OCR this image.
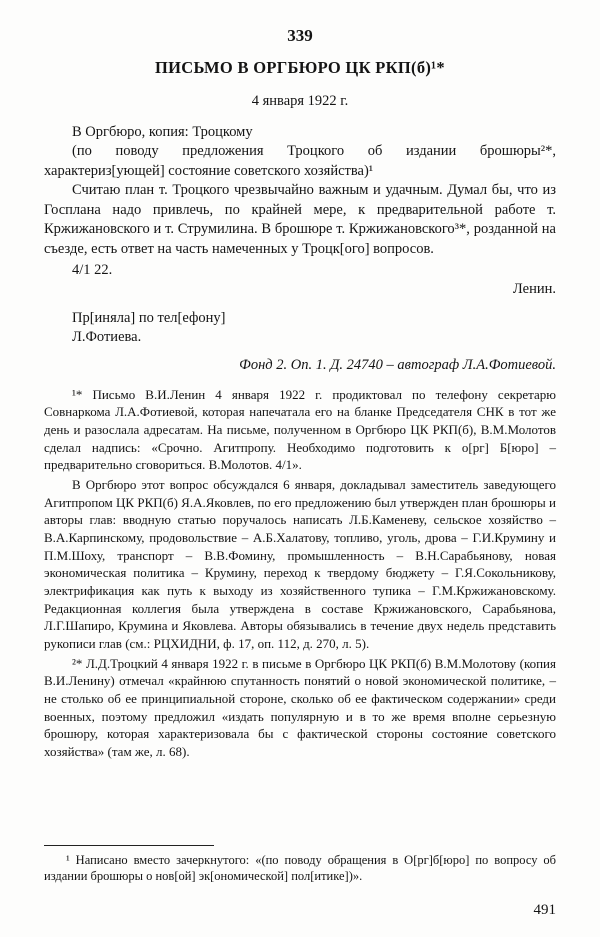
339
ПИСЬМО В ОРГБЮРО ЦК РКП(б)¹*
4 января 1922 г.

В Оргбюро, копия: Троцкому

(по поводу предложения Троцкого об издании брошюры²*, характериз[ующей] состояние советского хозяйства)¹

Считаю план т. Троцкого чрезвычайно важным и удачным. Думал бы, что из Госплана надо привлечь, по крайней мере, к предварительной работе т. Кржижановского и т. Струмилина. В брошюре т. Кржижановского³*, розданной на съезде, есть ответ на часть намеченных у Троцк[ого] вопросов.

4/1 22.

Ленин.

Пр[иняла] по тел[ефону]

Л.Фотиева.

Фонд 2. Оп. 1. Д. 24740 – автограф Л.А.Фотиевой.

¹* Письмо В.И.Ленин 4 января 1922 г. продиктовал по телефону секретарю Совнаркома Л.А.Фотиевой, которая напечатала его на бланке Председателя СНК в тот же день и разослала адресатам. На письме, полученном в Оргбюро ЦК РКП(б), В.М.Молотов сделал надпись: «Срочно. Агитпропу. Необходимо подготовить к о[рг] Б[юро] – предварительно сговориться. В.Молотов. 4/1».

В Оргбюро этот вопрос обсуждался 6 января, докладывал заместитель заведующего Агитпропом ЦК РКП(б) Я.А.Яковлев, по его предложению был утвержден план брошюры и авторы глав: вводную статью поручалось написать Л.Б.Каменеву, сельское хозяйство – В.А.Карпинскому, продовольствие – А.Б.Халатову, топливо, уголь, дрова – Г.И.Крумину и П.М.Шоху, транспорт – В.В.Фомину, промышленность – В.Н.Сарабьянову, новая экономическая политика – Крумину, переход к твердому бюджету – Г.Я.Сокольникову, электрификация как путь к выходу из хозяйственного тупика – Г.М.Кржижановскому. Редакционная коллегия была утверждена в составе Кржижановского, Сарабьянова, Л.Г.Шапиро, Крумина и Яковлева. Авторы обязывались в течение двух недель представить рукописи глав (см.: РЦХИДНИ, ф. 17, оп. 112, д. 270, л. 5).

²* Л.Д.Троцкий 4 января 1922 г. в письме в Оргбюро ЦК РКП(б) В.М.Молотову (копия В.И.Ленину) отмечал «крайнюю спутанность понятий о новой экономической политике, – не столько об ее принципиальной стороне, сколько об ее фактическом содержании» среди военных, поэтому предложил «издать популярную и в то же время вполне серьезную брошюру, которая характеризовала бы с фактической стороны состояние советского хозяйства» (там же, л. 68).

¹ Написано вместо зачеркнутого: «(по поводу обращения в О[рг]б[юро] по вопросу об издании брошюры о нов[ой] эк[ономической] пол[итике])».

491
